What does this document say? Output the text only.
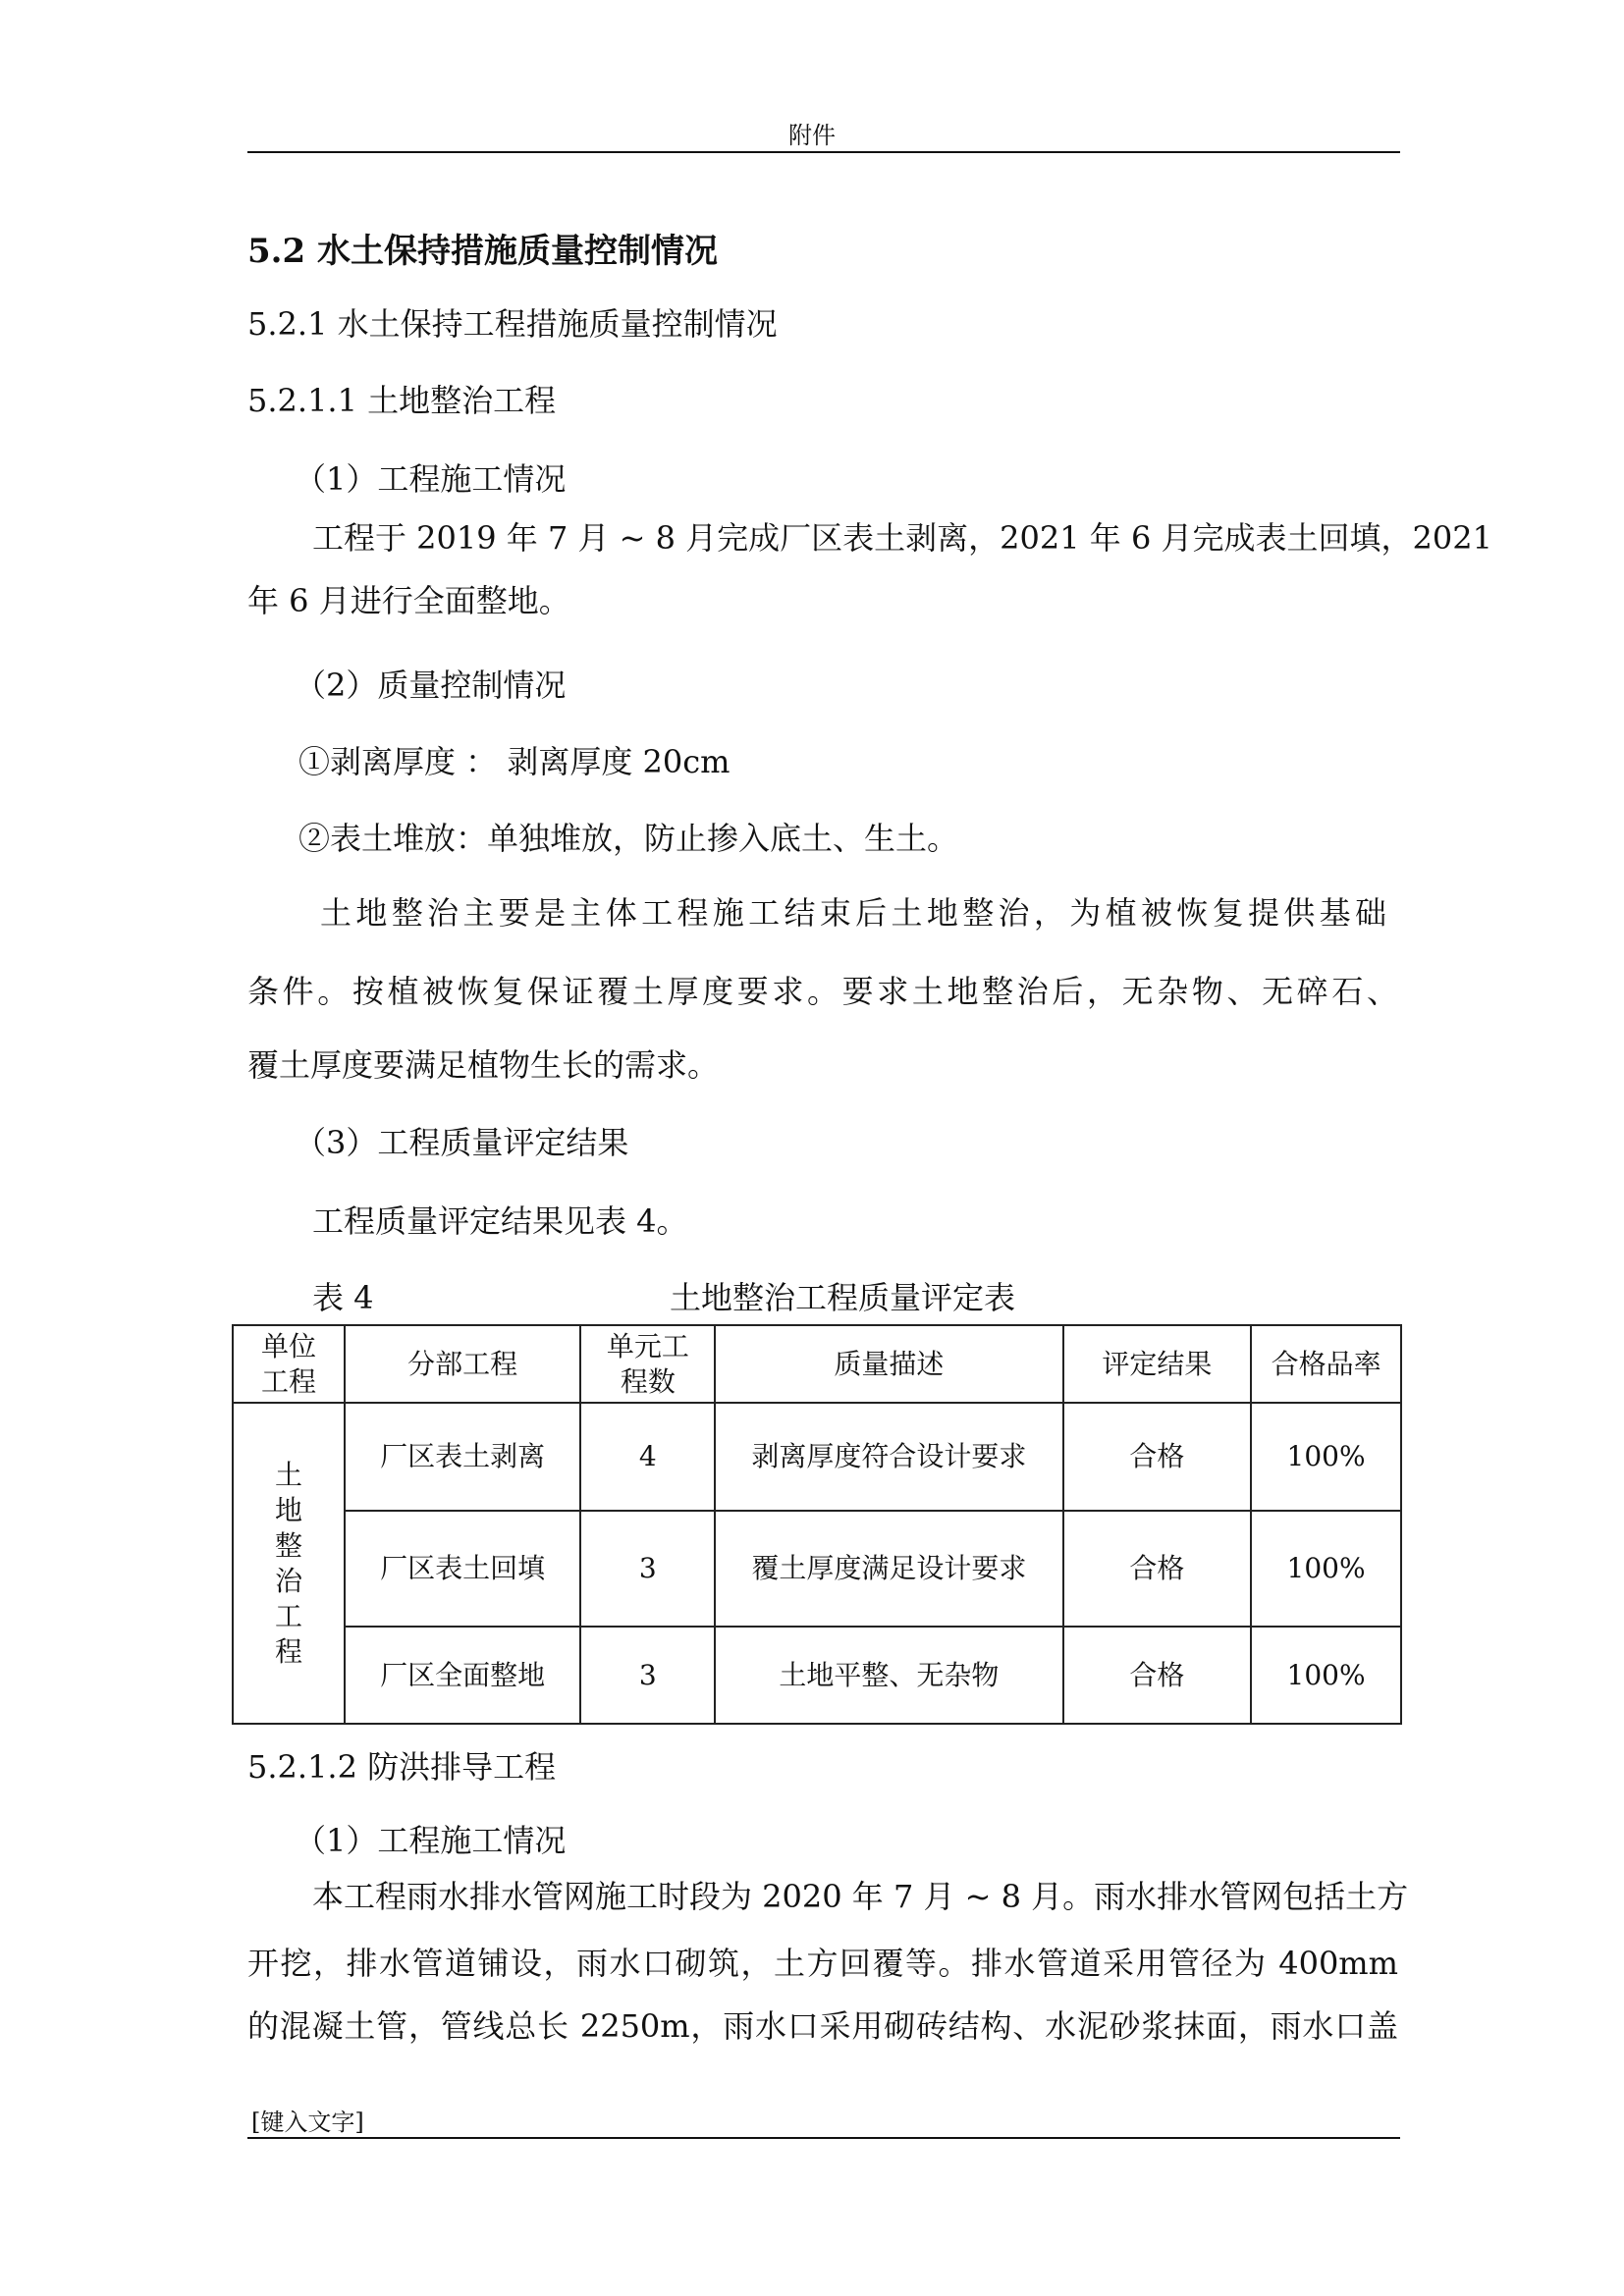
附件
5.2 水土保持措施质量控制情况
5.2.1 水土保持工程措施质量控制情况
5.2.1.1 土地整治工程
（1）工程施工情况
工程于 2019 年 7 月 ~ 8 月完成厂区表土剥离，2021 年 6 月完成表土回填，2021
年 6 月进行全面整地。
（2）质量控制情况
①剥离厚度 ： 剥离厚度 20cm
②表土堆放：单独堆放，防止掺入底土、生土。
土地整治主要是主体工程施工结束后土地整治，为植被恢复提供基础
条件。按植被恢复保证覆土厚度要求。要求土地整治后，无杂物、无碎石、
覆土厚度要满足植物生长的需求。
（3）工程质量评定结果
工程质量评定结果见表 4。
表 4	土地整治工程质量评定表
单位工程	分部工程	单元工程数	质量描述	评定结果	合格品率
土地整治工程	厂区表土剥离	4	剥离厚度符合设计要求	合格	100%
	厂区表土回填	3	覆土厚度满足设计要求	合格	100%
	厂区全面整地	3	土地平整、无杂物	合格	100%
5.2.1.2 防洪排导工程
（1）工程施工情况
本工程雨水排水管网施工时段为 2020 年 7 月 ~ 8 月。雨水排水管网包括土方
开挖，排水管道铺设，雨水口砌筑，土方回覆等。排水管道采用管径为 400mm
的混凝土管，管线总长 2250m，雨水口采用砌砖结构、水泥砂浆抹面，雨水口盖
[键入文字]
